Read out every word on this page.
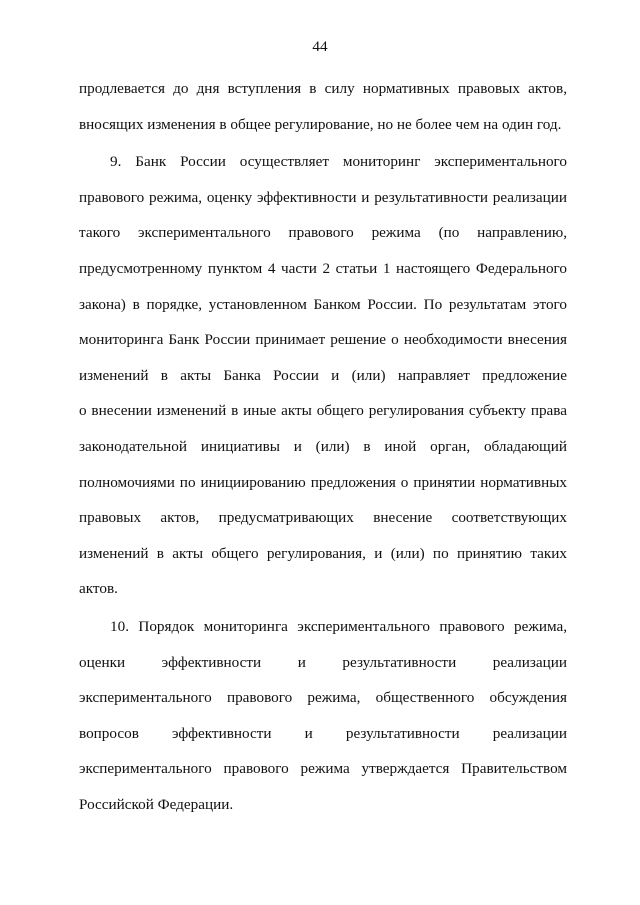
44
продлевается до дня вступления в силу нормативных правовых актов,
вносящих изменения в общее регулирование, но не более чем на один год.
9. Банк России осуществляет мониторинг экспериментального
правового режима, оценку эффективности и результативности реализации
такого экспериментального правового режима (по направлению,
предусмотренному пунктом 4 части 2 статьи 1 настоящего Федерального
закона) в порядке, установленном Банком России. По результатам этого
мониторинга Банк России принимает решение о необходимости внесения
изменений в акты Банка России и (или) направляет предложение
о внесении изменений в иные акты общего регулирования субъекту права
законодательной инициативы и (или) в иной орган, обладающий
полномочиями по инициированию предложения о принятии нормативных
правовых актов, предусматривающих внесение соответствующих
изменений в акты общего регулирования, и (или) по принятию таких
актов.
10. Порядок мониторинга экспериментального правового режима,
оценки эффективности и результативности реализации
экспериментального правового режима, общественного обсуждения
вопросов эффективности и результативности реализации
экспериментального правового режима утверждается Правительством
Российской Федерации.
